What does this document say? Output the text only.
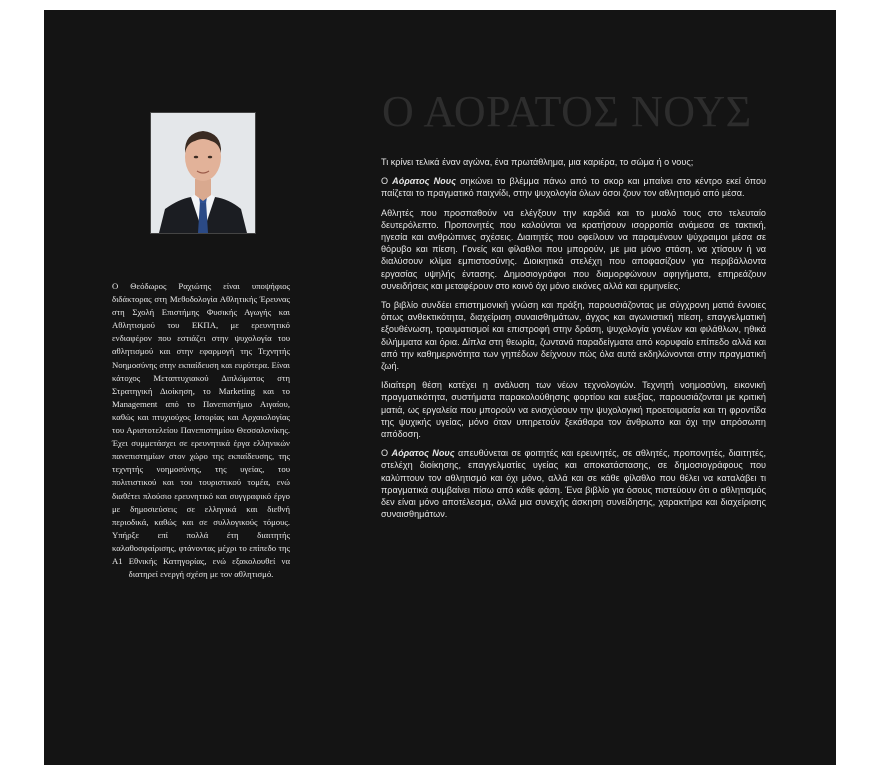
Ο Θεόδωρος Ραχιώτης είναι υποψήφιος διδάκτορας στη Μεθοδολογία Αθλητικής Έρευνας στη Σχολή Επιστήμης Φυσικής Αγωγής και Αθλητισμού του ΕΚΠΑ, με ερευνητικό ενδιαφέρον που εστιάζει στην ψυχολογία του αθλητισμού και στην εφαρμογή της Τεχνητής Νοημοσύνης στην εκπαίδευση και ευρύτερα. Είναι κάτοχος Μεταπτυχιακού Διπλώματος στη Στρατηγική Διοίκηση, το Marketing και το Management από το Πανεπιστήμιο Αιγαίου, καθώς και πτυχιούχος Ιστορίας και Αρχαιολογίας του Αριστοτελείου Πανεπιστημίου Θεσσαλονίκης. Έχει συμμετάσχει σε ερευνητικά έργα ελληνικών πανεπιστημίων στον χώρο της εκπαίδευσης, της τεχνητής νοημοσύνης, της υγείας, του πολιτιστικού και του τουριστικού τομέα, ενώ διαθέτει πλούσιο ερευνητικό και συγγραφικό έργο με δημοσιεύσεις σε ελληνικά και διεθνή περιοδικά, καθώς και σε συλλογικούς τόμους. Υπήρξε επί πολλά έτη διαιτητής καλαθοσφαίρισης, φτάνοντας μέχρι το επίπεδο της Α1 Εθνικής Κατηγορίας, ενώ εξακολουθεί να διατηρεί ενεργή σχέση με τον αθλητισμό.

Ο ΑΟΡΑΤΟΣ ΝΟΥΣ

Τι κρίνει τελικά έναν αγώνα, ένα πρωτάθλημα, μια καριέρα, το σώμα ή ο νους;

Ο Αόρατος Νους σηκώνει το βλέμμα πάνω από το σκορ και μπαίνει στο κέντρο εκεί όπου παίζεται το πραγματικό παιχνίδι, στην ψυχολογία όλων όσοι ζουν τον αθλητισμό από μέσα.

Αθλητές που προσπαθούν να ελέγξουν την καρδιά και το μυαλό τους στο τελευταίο δευτερόλεπτο. Προπονητές που καλούνται να κρατήσουν ισορροπία ανάμεσα σε τακτική, ηγεσία και ανθρώπινες σχέσεις. Διαιτητές που οφείλουν να παραμένουν ψύχραιμοι μέσα σε θόρυβο και πίεση. Γονείς και φίλαθλοι που μπορούν, με μια μόνο στάση, να χτίσουν ή να διαλύσουν κλίμα εμπιστοσύνης. Διοικητικά στελέχη που αποφασίζουν για περιβάλλοντα εργασίας υψηλής έντασης. Δημοσιογράφοι που διαμορφώνουν αφηγήματα, επηρεάζουν συνειδήσεις και μεταφέρουν στο κοινό όχι μόνο εικόνες αλλά και ερμηνείες.

Το βιβλίο συνδέει επιστημονική γνώση και πράξη, παρουσιάζοντας με σύγχρονη ματιά έννοιες όπως ανθεκτικότητα, διαχείριση συναισθημάτων, άγχος και αγωνιστική πίεση, επαγγελματική εξουθένωση, τραυματισμοί και επιστροφή στην δράση, ψυχολογία γονέων και φιλάθλων, ηθικά διλήμματα και όρια. Δίπλα στη θεωρία, ζωντανά παραδείγματα από κορυφαίο επίπεδο αλλά και από την καθημερινότητα των γηπέδων δείχνουν πώς όλα αυτά εκδηλώνονται στην πραγματική ζωή.

Ιδιαίτερη θέση κατέχει η ανάλυση των νέων τεχνολογιών. Τεχνητή νοημοσύνη, εικονική πραγματικότητα, συστήματα παρακολούθησης φορτίου και ευεξίας, παρουσιάζονται με κριτική ματιά, ως εργαλεία που μπορούν να ενισχύσουν την ψυχολογική προετοιμασία και τη φροντίδα της ψυχικής υγείας, μόνο όταν υπηρετούν ξεκάθαρα τον άνθρωπο και όχι την απρόσωπη απόδοση.

Ο Αόρατος Νους απευθύνεται σε φοιτητές και ερευνητές, σε αθλητές, προπονητές, διαιτητές, στελέχη διοίκησης, επαγγελματίες υγείας και αποκατάστασης, σε δημοσιογράφους που καλύπτουν τον αθλητισμό και όχι μόνο, αλλά και σε κάθε φίλαθλο που θέλει να καταλάβει τι πραγματικά συμβαίνει πίσω από κάθε φάση. Ένα βιβλίο για όσους πιστεύουν ότι ο αθλητισμός δεν είναι μόνο αποτέλεσμα, αλλά μια συνεχής άσκηση συνείδησης, χαρακτήρα και διαχείρισης συναισθημάτων.
